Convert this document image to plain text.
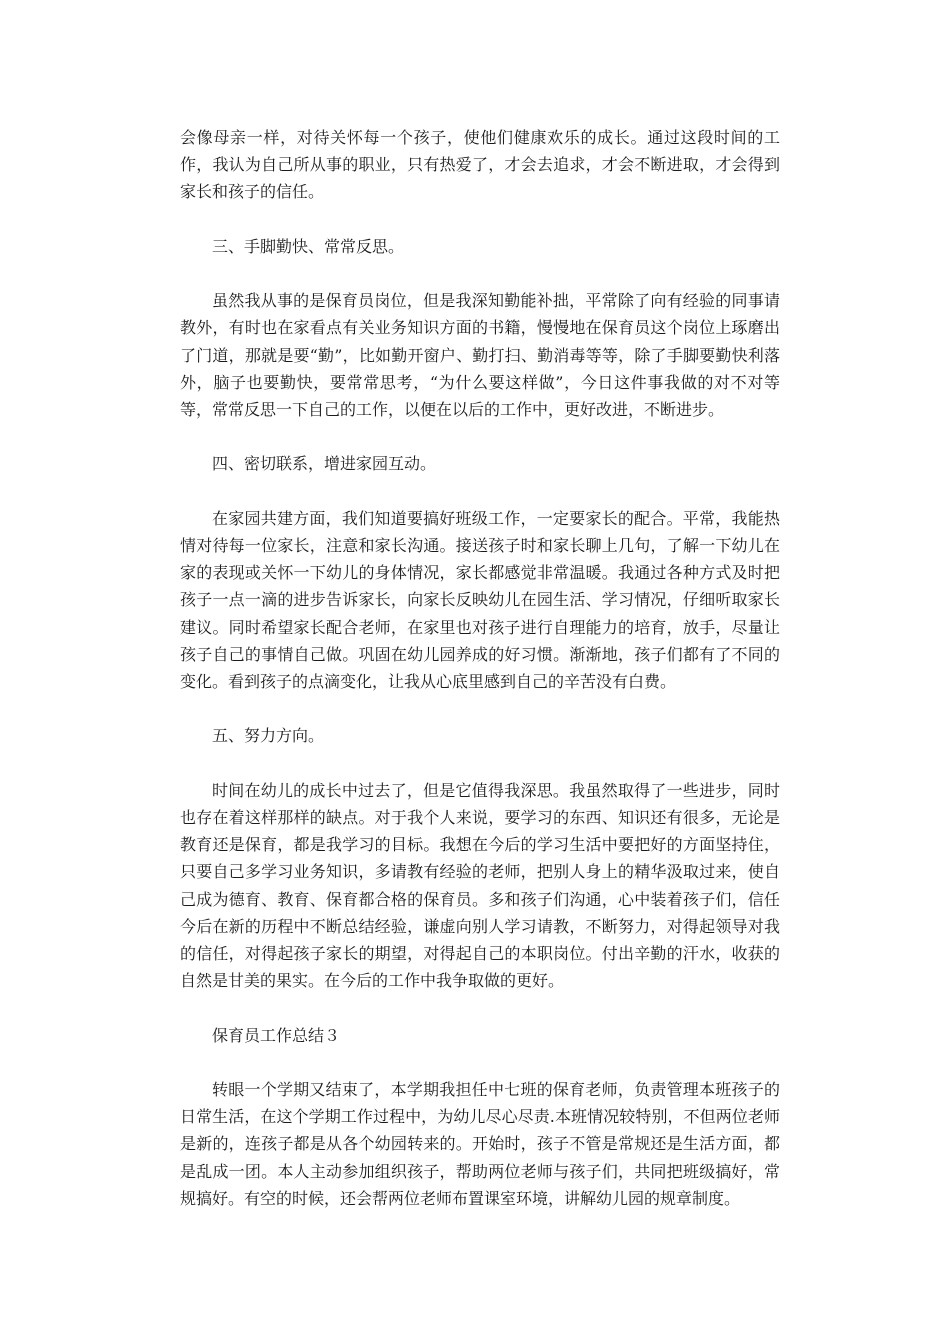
会像母亲一样，对待关怀每一个孩子，使他们健康欢乐的成长。通过这段时间的工作，我认为自己所从事的职业，只有热爱了，才会去追求，才会不断进取，才会得到家长和孩子的信任。

三、手脚勤快、常常反思。

虽然我从事的是保育员岗位，但是我深知勤能补拙，平常除了向有经验的同事请教外，有时也在家看点有关业务知识方面的书籍，慢慢地在保育员这个岗位上琢磨出了门道，那就是要“勤”，比如勤开窗户、勤打扫、勤消毒等等，除了手脚要勤快利落外，脑子也要勤快，要常常思考，“为什么要这样做”，今日这件事我做的对不对等等，常常反思一下自己的工作，以便在以后的工作中，更好改进，不断进步。

四、密切联系，增进家园互动。

在家园共建方面，我们知道要搞好班级工作，一定要家长的配合。平常，我能热情对待每一位家长，注意和家长沟通。接送孩子时和家长聊上几句，了解一下幼儿在家的表现或关怀一下幼儿的身体情况，家长都感觉非常温暖。我通过各种方式及时把孩子一点一滴的进步告诉家长，向家长反映幼儿在园生活、学习情况，仔细听取家长建议。同时希望家长配合老师，在家里也对孩子进行自理能力的培育，放手，尽量让孩子自己的事情自己做。巩固在幼儿园养成的好习惯。渐渐地，孩子们都有了不同的变化。看到孩子的点滴变化，让我从心底里感到自己的辛苦没有白费。

五、努力方向。

时间在幼儿的成长中过去了，但是它值得我深思。我虽然取得了一些进步，同时也存在着这样那样的缺点。对于我个人来说，要学习的东西、知识还有很多，无论是教育还是保育，都是我学习的目标。我想在今后的学习生活中要把好的方面坚持住，只要自己多学习业务知识，多请教有经验的老师，把别人身上的精华汲取过来，使自己成为德育、教育、保育都合格的保育员。多和孩子们沟通，心中装着孩子们，信任今后在新的历程中不断总结经验，谦虚向别人学习请教，不断努力，对得起领导对我的信任，对得起孩子家长的期望，对得起自己的本职岗位。付出辛勤的汗水，收获的自然是甘美的果实。在今后的工作中我争取做的更好。

保育员工作总结３

转眼一个学期又结束了，本学期我担任中七班的保育老师，负责管理本班孩子的日常生活，在这个学期工作过程中，为幼儿尽心尽责.本班情况较特别，不但两位老师是新的，连孩子都是从各个幼园转来的。开始时，孩子不管是常规还是生活方面，都是乱成一团。本人主动参加组织孩子，帮助两位老师与孩子们，共同把班级搞好，常规搞好。有空的时候，还会帮两位老师布置课室环境，讲解幼儿园的规章制度。
